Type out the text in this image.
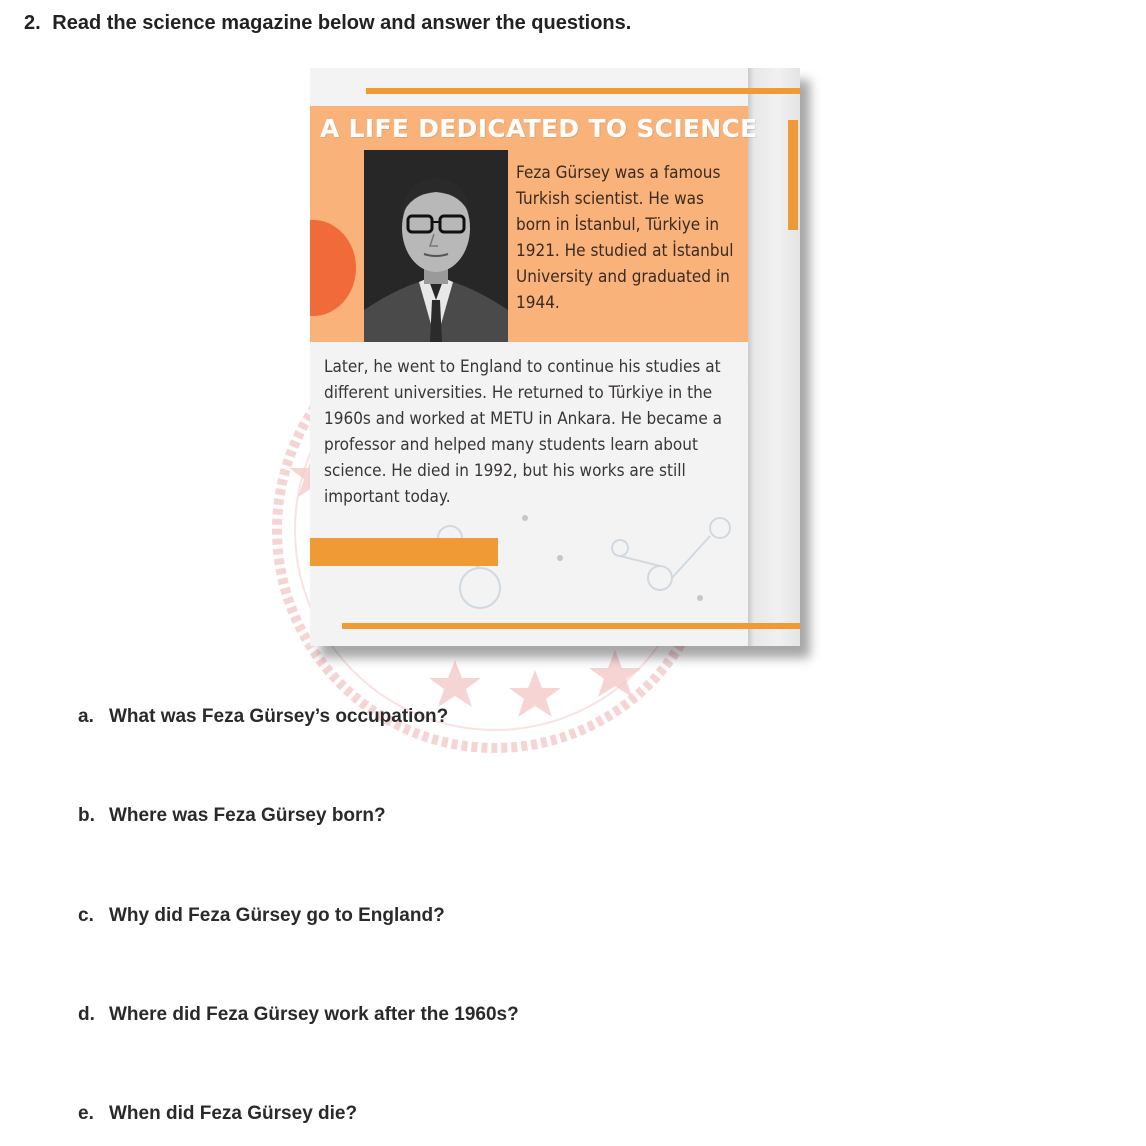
2. Read the science magazine below and answer the questions.
A LIFE DEDICATED TO SCIENCE
Feza Gürsey was a famous Turkish scientist. He was born in İstanbul, Türkiye in 1921. He studied at İstanbul University and graduated in 1944.
Later, he went to England to continue his studies at different universities. He returned to Türkiye in the 1960s and worked at METU in Ankara. He became a professor and helped many students learn about science. He died in 1992, but his works are still important today.
a. What was Feza Gürsey’s occupation?
b. Where was Feza Gürsey born?
c. Why did Feza Gürsey go to England?
d. Where did Feza Gürsey work after the 1960s?
e. When did Feza Gürsey die?
